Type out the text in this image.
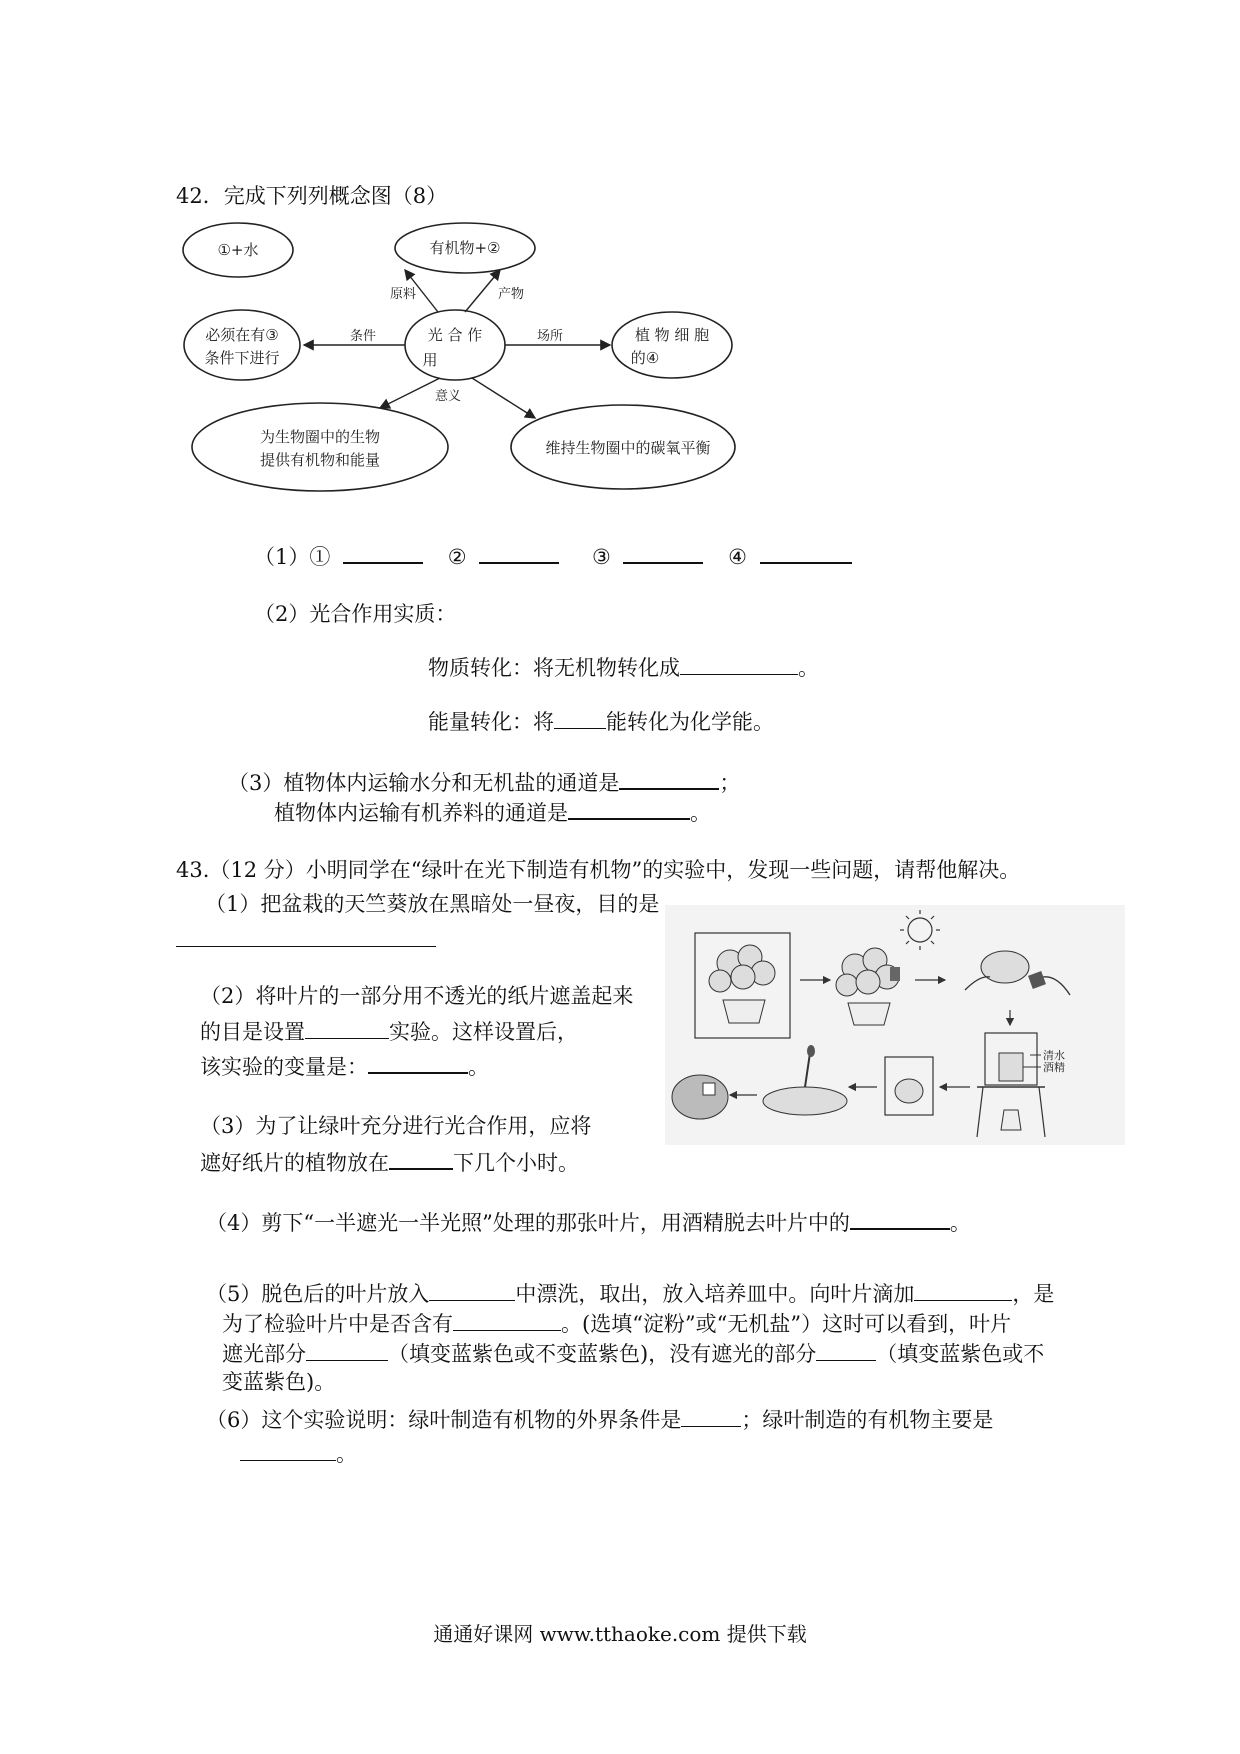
42．完成下列列概念图（8）
①+水	有机物+②
光 合 作
用
必须在有③
条件下进行
植 物 细 胞
的④
为生物圈中的生物
提供有机物和能量
维持生物圈中的碳氧平衡
原料	产物
条件	场所
意义
（1）①	②	③	④
（2）光合作用实质：
物质转化：将无机物转化成	。
能量转化：将 能转化为化学能。
（3）植物体内运输水分和无机盐的通道是	；
植物体内运输有机养料的通道是	。
43.（12 分）小明同学在“绿叶在光下制造有机物”的实验中，发现一些问题，请帮他解决。
（1）把盆栽的天竺葵放在黑暗处一昼夜，目的是
（2）将叶片的一部分用不透光的纸片遮盖起来
的目是设置	实验。这样设置后，
该实验的变量是：	。
（3）为了让绿叶充分进行光合作用，应将
遮好纸片的植物放在	下几个小时。
清水
酒精
（4）剪下“一半遮光一半光照”处理的那张叶片，用酒精脱去叶片中的	。
（5）脱色后的叶片放入	中漂洗，取出，放入培养皿中。向叶片滴加	，是
为了检验叶片中是否含有	。(选填“淀粉”或“无机盐”）这时可以看到，叶片
遮光部分	（填变蓝紫色或不变蓝紫色)，没有遮光的部分	（填变蓝紫色或不
变蓝紫色)。
（6）这个实验说明：绿叶制造有机物的外界条件是	；绿叶制造的有机物主要是
。
通通好课网 www.tthaoke.com 提供下载
